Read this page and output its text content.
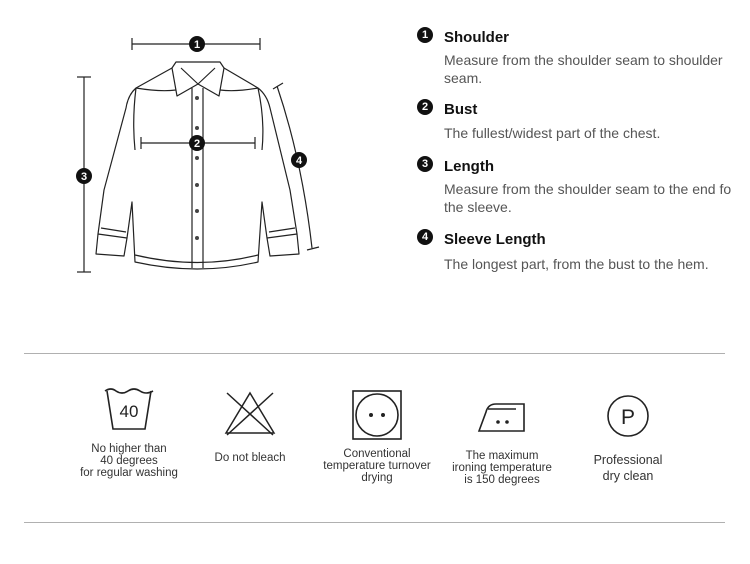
1
2
3
4
1	Shoulder
Measure from the shoulder seam to shoulder seam.
2	Bust
The fullest/widest part of the chest.
3	Length
Measure from the shoulder seam to the end fo the sleeve.
4	Sleeve Length
The longest part, from the bust to the hem.
40
No higher than
40 degrees
for regular washing
Do not bleach	Conventional
temperature turnover
drying
The maximum
ironing temperature
is 150 degrees
P
Professional
dry clean
